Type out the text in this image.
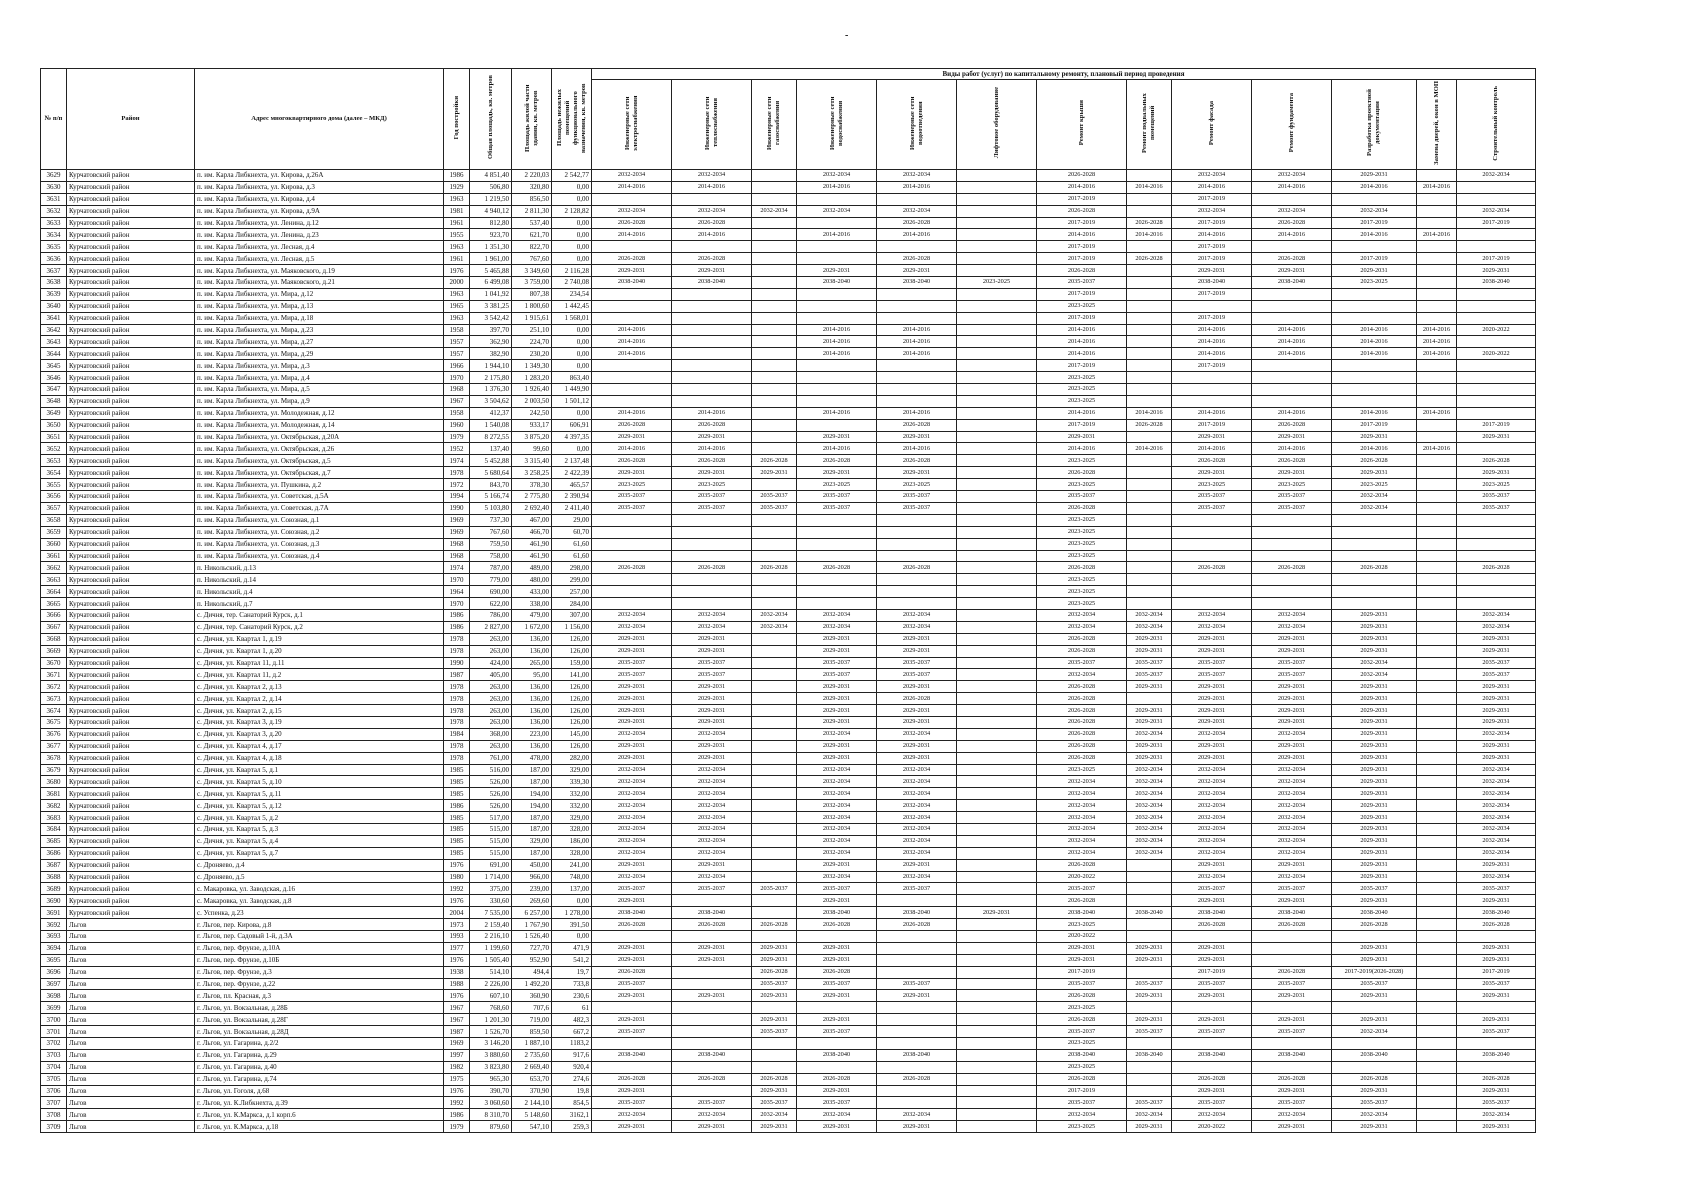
-
№ п/п	Район	Адрес многоквартирного дома (далее – МКД)	Год постройки	Общая площадь, кв. метров	Площадь жилой части здания, кв. метров	Площадь нежилых помещений функционального назначения, кв. метров	Виды работ (услуг) по капитальному ремонту, плановый период проведения												
							Инженерные сети электроснабжения	Инженерные сети теплоснабжения	Инженерные сети газоснабжения	Инженерные сети водоснабжения	Инженерные сети водоотведения	Лифтовое оборудование	Ремонт крыши	Ремонт подвальных помещений	Ремонт фасада	Ремонт фундамента	Разработка проектной документации	Замена дверей, окон в МОП	Строительный контроль
3629	Курчатовский район	п. им. Карла Либкнехта, ул. Кирова, д.26А	1986	4 851,40	2 220,03	2 542,77	2032-2034	2032-2034		2032-2034	2032-2034		2026-2028		2032-2034	2032-2034	2029-2031		2032-2034
3630	Курчатовский район	п. им. Карла Либкнехта, ул. Кирова, д.3	1929	506,80	320,80	0,00	2014-2016	2014-2016		2014-2016	2014-2016		2014-2016	2014-2016	2014-2016	2014-2016	2014-2016	2014-2016	
3631	Курчатовский район	п. им. Карла Либкнехта, ул. Кирова, д.4	1963	1 219,50	856,50	0,00							2017-2019		2017-2019				
3632	Курчатовский район	п. им. Карла Либкнехта, ул. Кирова, д.9А	1981	4 940,12	2 811,30	2 128,82	2032-2034	2032-2034	2032-2034	2032-2034	2032-2034		2026-2028		2032-2034	2032-2034	2032-2034		2032-2034
3633	Курчатовский район	п. им. Карла Либкнехта, ул. Ленина, д.12	1961	812,80	537,40	0,00	2026-2028	2026-2028			2026-2028		2017-2019	2026-2028	2017-2019	2026-2028	2017-2019		2017-2019
3634	Курчатовский район	п. им. Карла Либкнехта, ул. Ленина, д.23	1955	923,70	621,70	0,00	2014-2016	2014-2016		2014-2016	2014-2016		2014-2016	2014-2016	2014-2016	2014-2016	2014-2016	2014-2016	
3635	Курчатовский район	п. им. Карла Либкнехта, ул. Лесная, д.4	1963	1 351,30	822,70	0,00							2017-2019		2017-2019				
3636	Курчатовский район	п. им. Карла Либкнехта, ул. Лесная, д.5	1961	1 961,00	767,60	0,00	2026-2028	2026-2028			2026-2028		2017-2019	2026-2028	2017-2019	2026-2028	2017-2019		2017-2019
3637	Курчатовский район	п. им. Карла Либкнехта, ул. Маяковского, д.19	1976	5 465,88	3 349,60	2 116,28	2029-2031	2029-2031		2029-2031	2029-2031		2026-2028		2029-2031	2029-2031	2029-2031		2029-2031
3638	Курчатовский район	п. им. Карла Либкнехта, ул. Маяковского, д.21	2000	6 499,08	3 759,00	2 740,08	2038-2040	2038-2040		2038-2040	2038-2040	2023-2025	2035-2037		2038-2040	2038-2040	2023-2025		2038-2040
3639	Курчатовский район	п. им. Карла Либкнехта, ул. Мира, д.12	1963	1 041,92	807,38	234,54							2017-2019		2017-2019				
3640	Курчатовский район	п. им. Карла Либкнехта, ул. Мира, д.13	1965	3 381,25	1 800,60	1 442,45							2023-2025						
3641	Курчатовский район	п. им. Карла Либкнехта, ул. Мира, д.18	1963	3 542,42	1 915,61	1 568,01							2017-2019		2017-2019				
3642	Курчатовский район	п. им. Карла Либкнехта, ул. Мира, д.23	1958	397,70	251,10	0,00	2014-2016			2014-2016	2014-2016		2014-2016		2014-2016	2014-2016	2014-2016	2014-2016	2020-2022
3643	Курчатовский район	п. им. Карла Либкнехта, ул. Мира, д.27	1957	362,90	224,70	0,00	2014-2016			2014-2016	2014-2016		2014-2016		2014-2016	2014-2016	2014-2016	2014-2016	
3644	Курчатовский район	п. им. Карла Либкнехта, ул. Мира, д.29	1957	382,90	230,20	0,00	2014-2016			2014-2016	2014-2016		2014-2016		2014-2016	2014-2016	2014-2016	2014-2016	2020-2022
3645	Курчатовский район	п. им. Карла Либкнехта, ул. Мира, д.3	1966	1 944,10	1 349,30	0,00							2017-2019		2017-2019				
3646	Курчатовский район	п. им. Карла Либкнехта, ул. Мира, д.4	1970	2 175,80	1 283,20	863,40							2023-2025						
3647	Курчатовский район	п. им. Карла Либкнехта, ул. Мира, д.5	1968	1 376,30	1 926,40	1 449,90							2023-2025						
3648	Курчатовский район	п. им. Карла Либкнехта, ул. Мира, д.9	1967	3 504,62	2 003,50	1 501,12							2023-2025						
3649	Курчатовский район	п. им. Карла Либкнехта, ул. Молодежная, д.12	1958	412,37	242,50	0,00	2014-2016	2014-2016		2014-2016	2014-2016		2014-2016	2014-2016	2014-2016	2014-2016	2014-2016	2014-2016	
3650	Курчатовский район	п. им. Карла Либкнехта, ул. Молодежная, д.14	1960	1 540,08	933,17	606,91	2026-2028	2026-2028			2026-2028		2017-2019	2026-2028	2017-2019	2026-2028	2017-2019		2017-2019
3651	Курчатовский район	п. им. Карла Либкнехта, ул. Октябрьская, д.20А	1979	8 272,55	3 875,20	4 397,35	2029-2031	2029-2031		2029-2031	2029-2031		2029-2031		2029-2031	2029-2031	2029-2031		2029-2031
3652	Курчатовский район	п. им. Карла Либкнехта, ул. Октябрьская, д.26	1952	137,40	99,60	0,00	2014-2016	2014-2016		2014-2016	2014-2016		2014-2016	2014-2016	2014-2016	2014-2016	2014-2016	2014-2016	
3653	Курчатовский район	п. им. Карла Либкнехта, ул. Октябрьская, д.5	1974	5 452,88	3 315,40	2 137,48	2026-2028	2026-2028	2026-2028	2026-2028	2026-2028		2023-2025		2026-2028	2026-2028	2026-2028		2026-2028
3654	Курчатовский район	п. им. Карла Либкнехта, ул. Октябрьская, д.7	1978	5 680,64	3 258,25	2 422,39	2029-2031	2029-2031	2029-2031	2029-2031	2029-2031		2026-2028		2029-2031	2029-2031	2029-2031		2029-2031
3655	Курчатовский район	п. им. Карла Либкнехта, ул. Пушкина, д.2	1972	843,70	378,30	465,57	2023-2025	2023-2025		2023-2025	2023-2025		2023-2025		2023-2025	2023-2025	2023-2025		2023-2025
3656	Курчатовский район	п. им. Карла Либкнехта, ул. Советская, д.5А	1994	5 166,74	2 775,80	2 390,94	2035-2037	2035-2037	2035-2037	2035-2037	2035-2037		2035-2037		2035-2037	2035-2037	2032-2034		2035-2037
3657	Курчатовский район	п. им. Карла Либкнехта, ул. Советская, д.7А	1990	5 103,80	2 692,40	2 411,40	2035-2037	2035-2037	2035-2037	2035-2037	2035-2037		2026-2028		2035-2037	2035-2037	2032-2034		2035-2037
3658	Курчатовский район	п. им. Карла Либкнехта, ул. Союзная, д.1	1969	737,30	467,00	29,00							2023-2025						
3659	Курчатовский район	п. им. Карла Либкнехта, ул. Союзная, д.2	1969	767,60	466,70	60,70							2023-2025						
3660	Курчатовский район	п. им. Карла Либкнехта, ул. Союзная, д.3	1968	759,50	461,90	61,60							2023-2025						
3661	Курчатовский район	п. им. Карла Либкнехта, ул. Союзная, д.4	1968	758,00	461,90	61,60							2023-2025						
3662	Курчатовский район	п. Никольский, д.13	1974	787,00	489,00	298,00	2026-2028	2026-2028	2026-2028	2026-2028	2026-2028		2026-2028		2026-2028	2026-2028	2026-2028		2026-2028
3663	Курчатовский район	п. Никольский, д.14	1970	779,00	480,00	299,00							2023-2025						
3664	Курчатовский район	п. Никольский, д.4	1964	690,00	433,00	257,00							2023-2025						
3665	Курчатовский район	п. Никольский, д.7	1970	622,00	338,00	284,00							2023-2025						
3666	Курчатовский район	с. Дичня, тер. Санаторий Курск, д.1	1986	786,00	479,00	307,00	2032-2034	2032-2034	2032-2034	2032-2034	2032-2034		2032-2034	2032-2034	2032-2034	2032-2034	2029-2031		2032-2034
3667	Курчатовский район	с. Дичня, тер. Санаторий Курск, д.2	1986	2 827,00	1 672,00	1 156,00	2032-2034	2032-2034	2032-2034	2032-2034	2032-2034		2032-2034	2032-2034	2032-2034	2032-2034	2029-2031		2032-2034
3668	Курчатовский район	с. Дичня, ул. Квартал 1, д.19	1978	263,00	136,00	126,00	2029-2031	2029-2031		2029-2031	2029-2031		2026-2028	2029-2031	2029-2031	2029-2031	2029-2031		2029-2031
3669	Курчатовский район	с. Дичня, ул. Квартал 1, д.20	1978	263,00	136,00	126,00	2029-2031	2029-2031		2029-2031	2029-2031		2026-2028	2029-2031	2029-2031	2029-2031	2029-2031		2029-2031
3670	Курчатовский район	с. Дичня, ул. Квартал 11, д.11	1990	424,00	265,00	159,00	2035-2037	2035-2037		2035-2037	2035-2037		2035-2037	2035-2037	2035-2037	2035-2037	2032-2034		2035-2037
3671	Курчатовский район	с. Дичня, ул. Квартал 11, д.2	1987	405,00	95,00	141,00	2035-2037	2035-2037		2035-2037	2035-2037		2032-2034	2035-2037	2035-2037	2035-2037	2032-2034		2035-2037
3672	Курчатовский район	с. Дичня, ул. Квартал 2, д.13	1978	263,00	136,00	126,00	2029-2031	2029-2031		2029-2031	2029-2031		2026-2028	2029-2031	2029-2031	2029-2031	2029-2031		2029-2031
3673	Курчатовский район	с. Дичня, ул. Квартал 2, д.14	1978	263,00	136,00	126,00	2029-2031	2029-2031		2029-2031	2026-2028		2026-2028		2029-2031	2029-2031	2029-2031		2029-2031
3674	Курчатовский район	с. Дичня, ул. Квартал 2, д.15	1978	263,00	136,00	126,00	2029-2031	2029-2031		2029-2031	2029-2031		2026-2028	2029-2031	2029-2031	2029-2031	2029-2031		2029-2031
3675	Курчатовский район	с. Дичня, ул. Квартал 3, д.19	1978	263,00	136,00	126,00	2029-2031	2029-2031		2029-2031	2029-2031		2026-2028	2029-2031	2029-2031	2029-2031	2029-2031		2029-2031
3676	Курчатовский район	с. Дичня, ул. Квартал 3, д.20	1984	368,00	223,00	145,00	2032-2034	2032-2034		2032-2034	2032-2034		2026-2028	2032-2034	2032-2034	2032-2034	2029-2031		2032-2034
3677	Курчатовский район	с. Дичня, ул. Квартал 4, д.17	1978	263,00	136,00	126,00	2029-2031	2029-2031		2029-2031	2029-2031		2026-2028	2029-2031	2029-2031	2029-2031	2029-2031		2029-2031
3678	Курчатовский район	с. Дичня, ул. Квартал 4, д.18	1978	761,00	478,00	282,00	2029-2031	2029-2031		2029-2031	2029-2031		2026-2028	2029-2031	2029-2031	2029-2031	2029-2031		2029-2031
3679	Курчатовский район	с. Дичня, ул. Квартал 5, д.1	1985	516,00	187,00	329,00	2032-2034	2032-2034		2032-2034	2032-2034		2023-2025	2032-2034	2032-2034	2032-2034	2029-2031		2032-2034
3680	Курчатовский район	с. Дичня, ул. Квартал 5, д.10	1985	526,00	187,00	339,30	2032-2034	2032-2034		2032-2034	2032-2034		2032-2034	2032-2034	2032-2034	2032-2034	2029-2031		2032-2034
3681	Курчатовский район	с. Дичня, ул. Квартал 5, д.11	1985	526,00	194,00	332,00	2032-2034	2032-2034		2032-2034	2032-2034		2032-2034	2032-2034	2032-2034	2032-2034	2029-2031		2032-2034
3682	Курчатовский район	с. Дичня, ул. Квартал 5, д.12	1986	526,00	194,00	332,00	2032-2034	2032-2034		2032-2034	2032-2034		2032-2034	2032-2034	2032-2034	2032-2034	2029-2031		2032-2034
3683	Курчатовский район	с. Дичня, ул. Квартал 5, д.2	1985	517,00	187,00	329,00	2032-2034	2032-2034		2032-2034	2032-2034		2032-2034	2032-2034	2032-2034	2032-2034	2029-2031		2032-2034
3684	Курчатовский район	с. Дичня, ул. Квартал 5, д.3	1985	515,00	187,00	328,00	2032-2034	2032-2034		2032-2034	2032-2034		2032-2034	2032-2034	2032-2034	2032-2034	2029-2031		2032-2034
3685	Курчатовский район	с. Дичня, ул. Квартал 5, д.4	1985	515,00	329,00	186,00	2032-2034	2032-2034		2032-2034	2032-2034		2032-2034	2032-2034	2032-2034	2032-2034	2029-2031		2032-2034
3686	Курчатовский район	с. Дичня, ул. Квартал 5, д.7	1985	515,00	187,00	328,00	2032-2034	2032-2034		2032-2034	2032-2034		2032-2034	2032-2034	2032-2034	2032-2034	2029-2031		2032-2034
3687	Курчатовский район	с. Дроняево, д.4	1976	691,00	450,00	241,00	2029-2031	2029-2031		2029-2031	2029-2031		2026-2028		2029-2031	2029-2031	2029-2031		2029-2031
3688	Курчатовский район	с. Дроняево, д.5	1980	1 714,00	966,00	748,00	2032-2034	2032-2034		2032-2034	2032-2034		2020-2022		2032-2034	2032-2034	2029-2031		2032-2034
3689	Курчатовский район	с. Макаровка, ул. Заводская, д.16	1992	375,00	239,00	137,00	2035-2037	2035-2037	2035-2037	2035-2037	2035-2037		2035-2037		2035-2037	2035-2037	2035-2037		2035-2037
3690	Курчатовский район	с. Макаровка, ул. Заводская, д.8	1976	330,60	269,60	0,00	2029-2031			2029-2031			2026-2028		2029-2031	2029-2031	2029-2031		2029-2031
3691	Курчатовский район	с. Успенка, д.23	2004	7 535,00	6 257,00	1 278,00	2038-2040	2038-2040		2038-2040	2038-2040	2029-2031	2038-2040	2038-2040	2038-2040	2038-2040	2038-2040		2038-2040
3692	Льгов	г. Льгов, пер. Кирова, д.8	1973	2 159,40	1 767,90	391,50	2026-2028	2026-2028	2026-2028	2026-2028	2026-2028		2023-2025		2026-2028	2026-2028	2026-2028		2026-2028
3693	Льгов	г. Льгов, пер. Садовый 1-й, д.3А	1993	2 216,10	1 526,40	0,00							2020-2022						
3694	Льгов	г. Льгов, пер. Фрунзе, д.10А	1977	1 199,60	727,70	471,9	2029-2031	2029-2031	2029-2031	2029-2031			2029-2031	2029-2031	2029-2031		2029-2031		2029-2031
3695	Льгов	г. Льгов, пер. Фрунзе, д.10Б	1976	1 505,40	952,90	541,2	2029-2031	2029-2031	2029-2031	2029-2031			2029-2031	2029-2031	2029-2031		2029-2031		2029-2031
3696	Льгов	г. Льгов, пер. Фрунзе, д.3	1938	514,10	494,4	19,7	2026-2028		2026-2028	2026-2028			2017-2019		2017-2019	2026-2028	2017-2019(2026-2028)		2017-2019
3697	Льгов	г. Льгов, пер. Фрунзе, д.22	1988	2 226,00	1 492,20	733,8	2035-2037		2035-2037	2035-2037	2035-2037		2035-2037	2035-2037	2035-2037	2035-2037	2035-2037		2035-2037
3698	Льгов	г. Льгов, пл. Красная, д.3	1976	607,10	360,90	230,6	2029-2031	2029-2031	2029-2031	2029-2031	2029-2031		2026-2028	2029-2031	2029-2031	2029-2031	2029-2031		2029-2031
3699	Льгов	г. Льгов, ул. Вокзальная, д.28Б	1967	768,60	707,6	61							2023-2025						
3700	Льгов	г. Льгов, ул. Вокзальная, д.28Г	1967	1 201,30	719,00	482,3	2029-2031		2029-2031	2029-2031			2026-2028	2029-2031	2029-2031	2029-2031	2029-2031		2029-2031
3701	Льгов	г. Льгов, ул. Вокзальная, д.28Д	1987	1 526,70	859,50	667,2	2035-2037		2035-2037	2035-2037			2035-2037	2035-2037	2035-2037	2035-2037	2032-2034		2035-2037
3702	Льгов	г. Льгов, ул. Гагарина, д.2/2	1969	3 146,20	1 887,10	1183,2							2023-2025						
3703	Льгов	г. Льгов, ул. Гагарина, д.29	1997	3 880,60	2 735,60	917,6	2038-2040	2038-2040		2038-2040	2038-2040		2038-2040	2038-2040	2038-2040	2038-2040	2038-2040		2038-2040
3704	Льгов	г. Льгов, ул. Гагарина, д.40	1982	3 823,80	2 669,40	920,4							2023-2025						
3705	Льгов	г. Льгов, ул. Гагарина, д.74	1975	965,30	653,70	274,6	2026-2028	2026-2028	2026-2028	2026-2028	2026-2028		2026-2028		2026-2028	2026-2028	2026-2028		2026-2028
3706	Льгов	г. Льгов, ул. Гоголя, д.68	1976	390,70	370,90	19,8	2029-2031		2029-2031	2029-2031			2017-2019		2029-2031	2029-2031	2029-2031		2029-2031
3707	Льгов	г. Льгов, ул. К.Либкнехта, д.39	1992	3 060,60	2 144,10	854,5	2035-2037	2035-2037	2035-2037	2035-2037			2035-2037	2035-2037	2035-2037	2035-2037	2035-2037		2035-2037
3708	Льгов	г. Льгов, ул. К.Маркса, д.1 корп.6	1986	8 310,70	5 148,60	3162,1	2032-2034	2032-2034	2032-2034	2032-2034	2032-2034		2032-2034	2032-2034	2032-2034	2032-2034	2032-2034		2032-2034
3709	Льгов	г. Льгов, ул. К.Маркса, д.18	1979	879,60	547,10	259,3	2029-2031	2029-2031	2029-2031	2029-2031	2029-2031		2023-2025	2029-2031	2020-2022	2029-2031	2029-2031		2029-2031
